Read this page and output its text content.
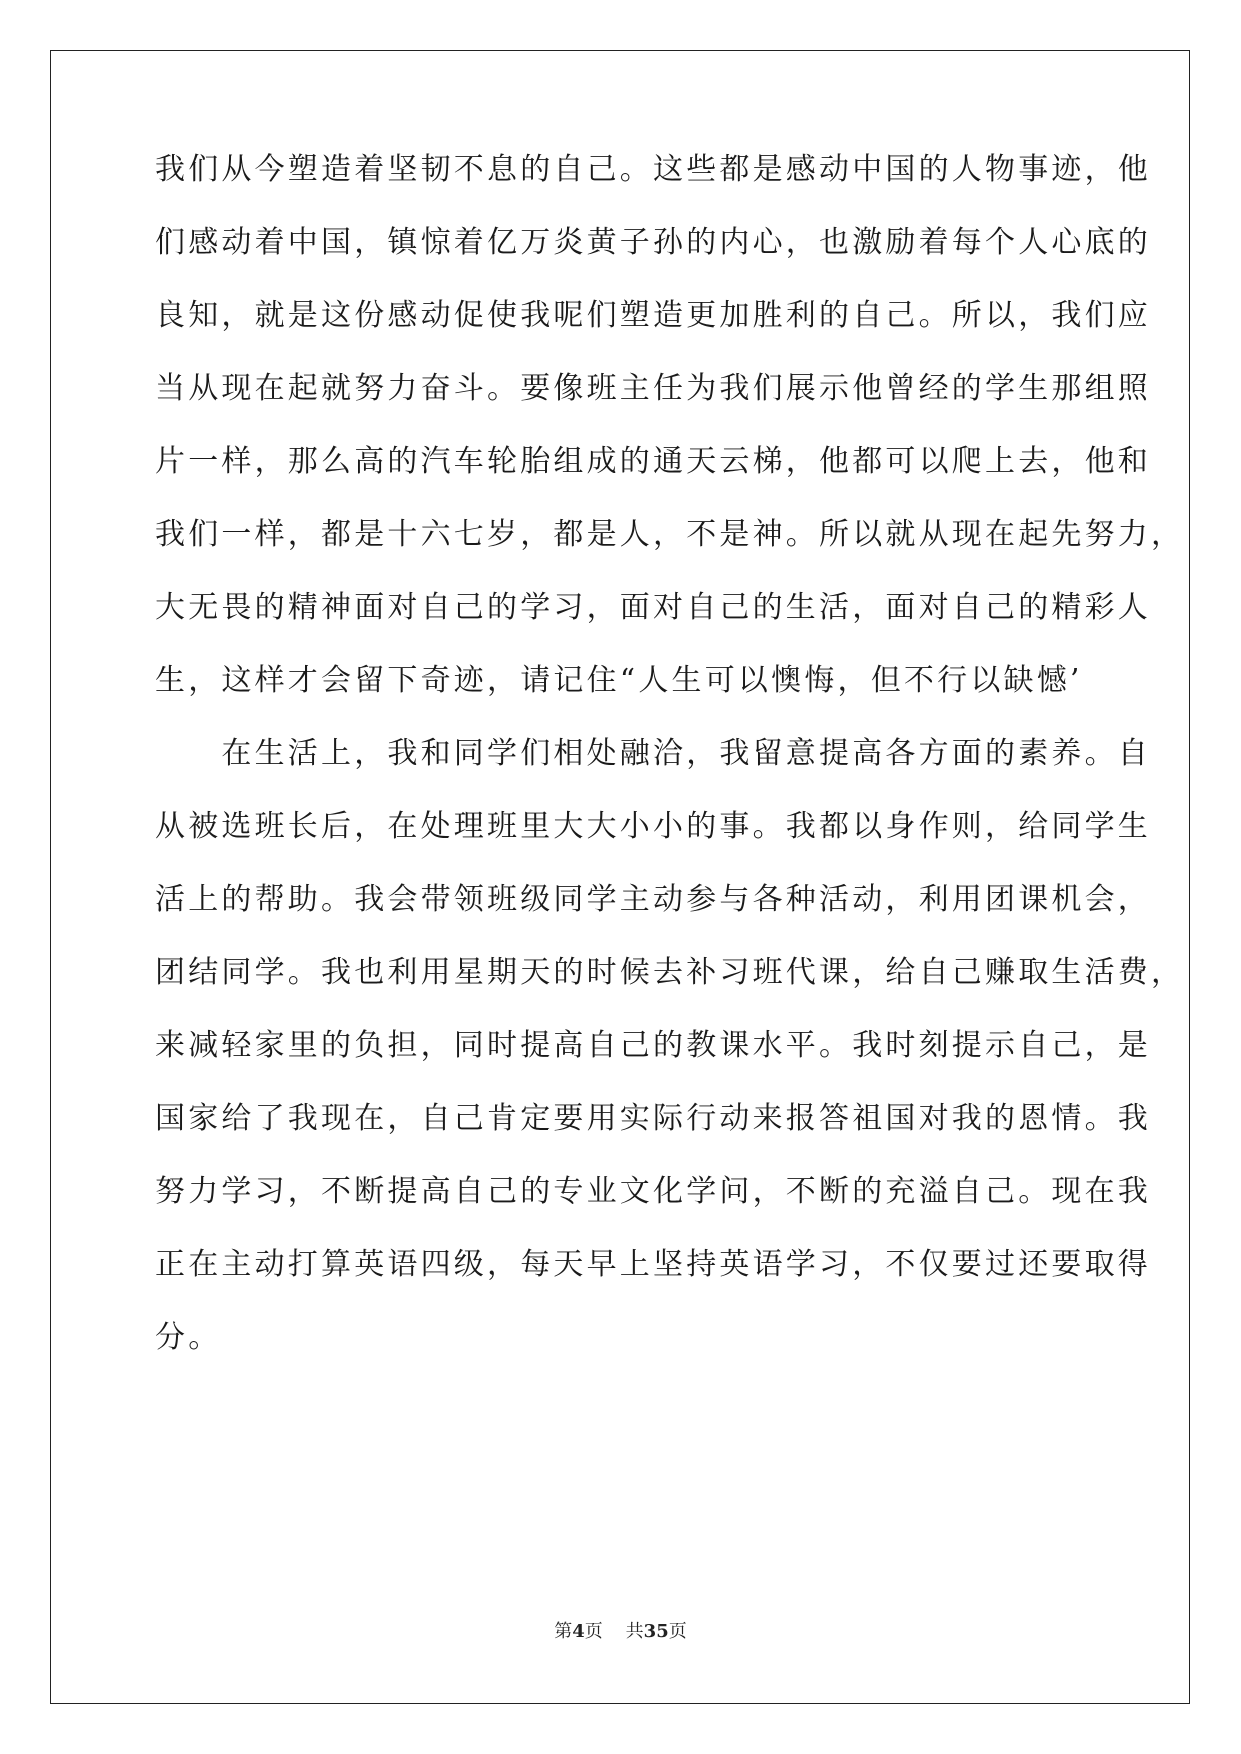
我们从今塑造着坚韧不息的自己。这些都是感动中国的人物事迹，他
们感动着中国，镇惊着亿万炎黄子孙的内心，也激励着每个人心底的
良知，就是这份感动促使我呢们塑造更加胜利的自己。所以，我们应
当从现在起就努力奋斗。要像班主任为我们展示他曾经的学生那组照
片一样，那么高的汽车轮胎组成的通天云梯，他都可以爬上去，他和
我们一样，都是十六七岁，都是人，不是神。所以就从现在起先努力，
大无畏的精神面对自己的学习，面对自己的生活，面对自己的精彩人
生，这样才会留下奇迹，请记住“人生可以懊悔，但不行以缺憾’
　　在生活上，我和同学们相处融洽，我留意提高各方面的素养。自
从被选班长后，在处理班里大大小小的事。我都以身作则，给同学生
活上的帮助。我会带领班级同学主动参与各种活动，利用团课机会，
团结同学。我也利用星期天的时候去补习班代课，给自己赚取生活费，
来减轻家里的负担，同时提高自己的教课水平。我时刻提示自己，是
国家给了我现在，自己肯定要用实际行动来报答祖国对我的恩情。我
努力学习，不断提高自己的专业文化学问，不断的充溢自己。现在我
正在主动打算英语四级，每天早上坚持英语学习，不仅要过还要取得
分。
第4页 共35页
